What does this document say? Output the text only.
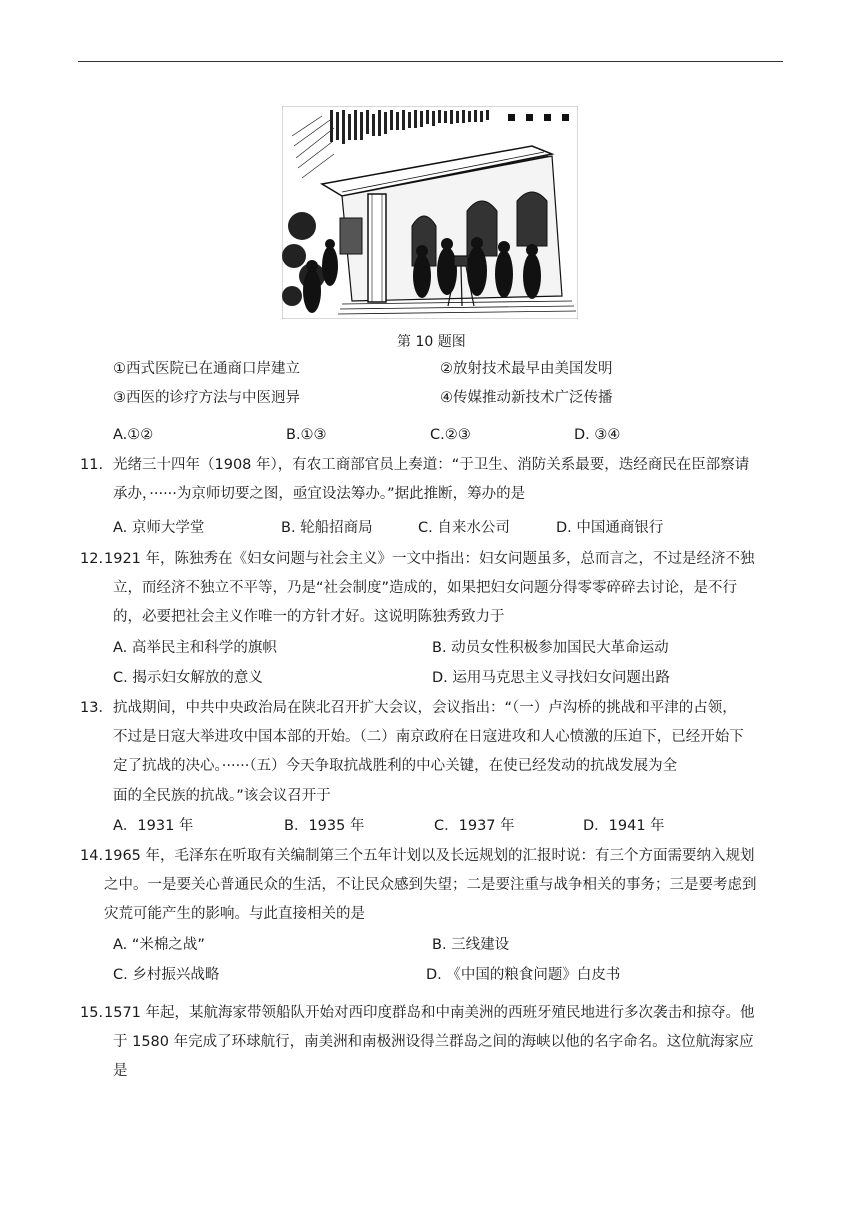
第 10 题图
①西式医院已在通商口岸建立	②放射技术最早由美国发明
③西医的诊疗方法与中医迥异	④传媒推动新技术广泛传播
A.①②	B.①③	C.②③	D. ③④
11. 光绪三十四年（1908 年），有农工商部官员上奏道：“于卫生、消防关系最要，迭经商民在臣部察请
承办，······为京师切要之图，亟宜设法筹办。”据此推断，筹办的是
A. 京师大学堂	B. 轮船招商局	C. 自来水公司	D. 中国通商银行
12. 1921 年，陈独秀在《妇女问题与社会主义》一文中指出：妇女问题虽多，总而言之，不过是经济不独
立，而经济不独立不平等，乃是“社会制度”造成的，如果把妇女问题分得零零碎碎去讨论，是不行
的，必要把社会主义作唯一的方针才好。这说明陈独秀致力于
A. 高举民主和科学的旗帜	B. 动员女性积极参加国民大革命运动
C. 揭示妇女解放的意义	D. 运用马克思主义寻找妇女问题出路
13． 抗战期间，中共中央政治局在陕北召开扩大会议，会议指出：“（一）卢沟桥的挑战和平津的占领，
不过是日寇大举进攻中国本部的开始。（二）南京政府在日寇进攻和人心愤激的压迫下，已经开始下
定了抗战的决心。······（五）今天争取抗战胜利的中心关键，在使已经发动的抗战发展为全
面的全民族的抗战。”该会议召开于
A．1931 年	B．1935 年	C．1937 年	D．1941 年
14. 1965 年，毛泽东在听取有关编制第三个五年计划以及长远规划的汇报时说：有三个方面需要纳入规划
之中。一是要关心普通民众的生活，不让民众感到失望；二是要注重与战争相关的事务；三是要考虑到
灾荒可能产生的影响。与此直接相关的是
A. “米棉之战”	B. 三线建设
C. 乡村振兴战略	D. 《中国的粮食问题》白皮书
15. 1571 年起，某航海家带领船队开始对西印度群岛和中南美洲的西班牙殖民地进行多次袭击和掠夺。他
于 1580 年完成了环球航行，南美洲和南极洲设得兰群岛之间的海峡以他的名字命名。这位航海家应
是
